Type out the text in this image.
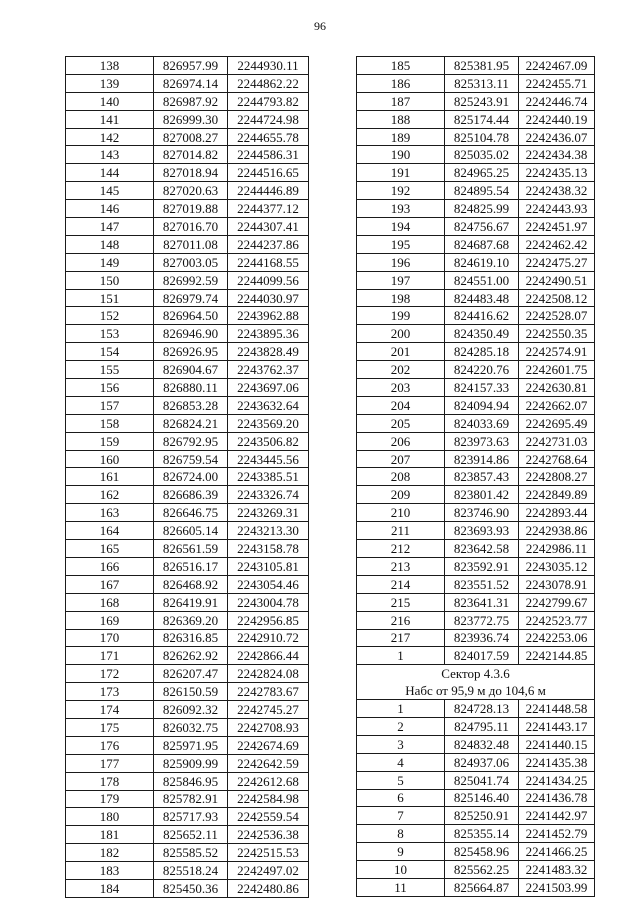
96
138	826957.99	2244930.11
139	826974.14	2244862.22
140	826987.92	2244793.82
141	826999.30	2244724.98
142	827008.27	2244655.78
143	827014.82	2244586.31
144	827018.94	2244516.65
145	827020.63	2244446.89
146	827019.88	2244377.12
147	827016.70	2244307.41
148	827011.08	2244237.86
149	827003.05	2244168.55
150	826992.59	2244099.56
151	826979.74	2244030.97
152	826964.50	2243962.88
153	826946.90	2243895.36
154	826926.95	2243828.49
155	826904.67	2243762.37
156	826880.11	2243697.06
157	826853.28	2243632.64
158	826824.21	2243569.20
159	826792.95	2243506.82
160	826759.54	2243445.56
161	826724.00	2243385.51
162	826686.39	2243326.74
163	826646.75	2243269.31
164	826605.14	2243213.30
165	826561.59	2243158.78
166	826516.17	2243105.81
167	826468.92	2243054.46
168	826419.91	2243004.78
169	826369.20	2242956.85
170	826316.85	2242910.72
171	826262.92	2242866.44
172	826207.47	2242824.08
173	826150.59	2242783.67
174	826092.32	2242745.27
175	826032.75	2242708.93
176	825971.95	2242674.69
177	825909.99	2242642.59
178	825846.95	2242612.68
179	825782.91	2242584.98
180	825717.93	2242559.54
181	825652.11	2242536.38
182	825585.52	2242515.53
183	825518.24	2242497.02
184	825450.36	2242480.86
185	825381.95	2242467.09
186	825313.11	2242455.71
187	825243.91	2242446.74
188	825174.44	2242440.19
189	825104.78	2242436.07
190	825035.02	2242434.38
191	824965.25	2242435.13
192	824895.54	2242438.32
193	824825.99	2242443.93
194	824756.67	2242451.97
195	824687.68	2242462.42
196	824619.10	2242475.27
197	824551.00	2242490.51
198	824483.48	2242508.12
199	824416.62	2242528.07
200	824350.49	2242550.35
201	824285.18	2242574.91
202	824220.76	2242601.75
203	824157.33	2242630.81
204	824094.94	2242662.07
205	824033.69	2242695.49
206	823973.63	2242731.03
207	823914.86	2242768.64
208	823857.43	2242808.27
209	823801.42	2242849.89
210	823746.90	2242893.44
211	823693.93	2242938.86
212	823642.58	2242986.11
213	823592.91	2243035.12
214	823551.52	2243078.91
215	823641.31	2242799.67
216	823772.75	2242523.77
217	823936.74	2242253.06
1	824017.59	2242144.85
Сектор 4.3.6		
Набс от 95,9 м до 104,6 м		
1	824728.13	2241448.58
2	824795.11	2241443.17
3	824832.48	2241440.15
4	824937.06	2241435.38
5	825041.74	2241434.25
6	825146.40	2241436.78
7	825250.91	2241442.97
8	825355.14	2241452.79
9	825458.96	2241466.25
10	825562.25	2241483.32
11	825664.87	2241503.99
